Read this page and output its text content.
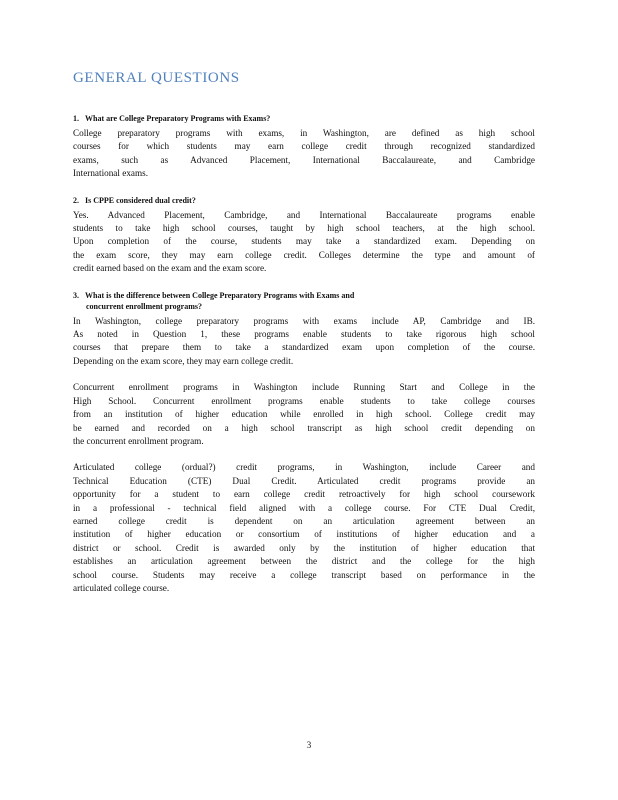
GENERAL QUESTIONS
1. What are College Preparatory Programs with Exams?
College preparatory programs with exams, in Washington, are defined as high school
courses for which students may earn college credit through recognized standardized
exams, such as Advanced Placement, International Baccalaureate, and Cambridge
International exams.
2. Is CPPE considered dual credit?
Yes. Advanced Placement, Cambridge, and International Baccalaureate programs enable
students to take high school courses, taught by high school teachers, at the high school.
Upon completion of the course, students may take a standardized exam. Depending on
the exam score, they may earn college credit. Colleges determine the type and amount of
credit earned based on the exam and the exam score.
3. What is the difference between College Preparatory Programs with Exams and
concurrent enrollment programs?
In Washington, college preparatory programs with exams include AP, Cambridge and IB.
As noted in Question 1, these programs enable students to take rigorous high school
courses that prepare them to take a standardized exam upon completion of the course.
Depending on the exam score, they may earn college credit.
Concurrent enrollment programs in Washington include Running Start and College in the
High School. Concurrent enrollment programs enable students to take college courses
from an institution of higher education while enrolled in high school. College credit may
be earned and recorded on a high school transcript as high school credit depending on
the concurrent enrollment program.
Articulated college (ordual?) credit programs, in Washington, include Career and
Technical Education (CTE) Dual Credit. Articulated credit programs provide an
opportunity for a student to earn college credit retroactively for high school coursework
in a professional - technical field aligned with a college course. For CTE Dual Credit,
earned college credit is dependent on an articulation agreement between an
institution of higher education or consortium of institutions of higher education and a
district or school. Credit is awarded only by the institution of higher education that
establishes an articulation agreement between the district and the college for the high
school course. Students may receive a college transcript based on performance in the
articulated college course.
3
